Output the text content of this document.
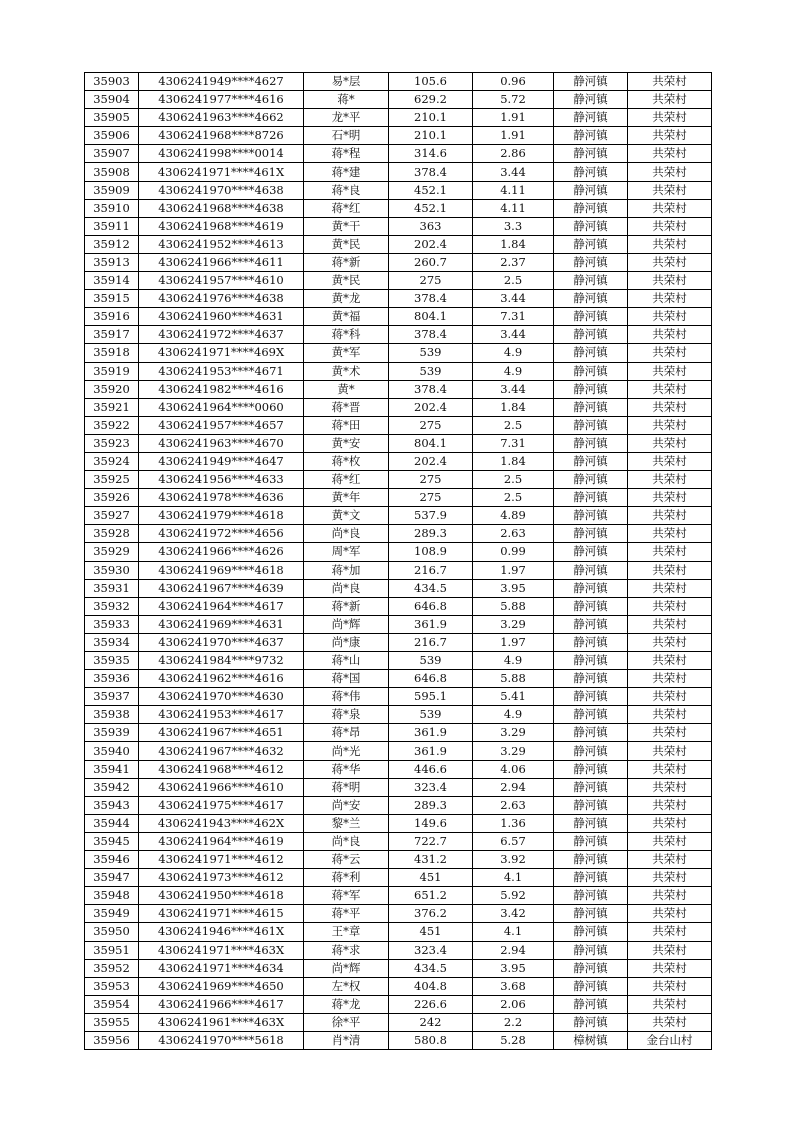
35903	4306241949****4627	易*层	105.6	0.96	静河镇	共荣村
35904	4306241977****4616	蒋*	629.2	5.72	静河镇	共荣村
35905	4306241963****4662	龙*平	210.1	1.91	静河镇	共荣村
35906	4306241968****8726	石*明	210.1	1.91	静河镇	共荣村
35907	4306241998****0014	蒋*程	314.6	2.86	静河镇	共荣村
35908	4306241971****461X	蒋*建	378.4	3.44	静河镇	共荣村
35909	4306241970****4638	蒋*良	452.1	4.11	静河镇	共荣村
35910	4306241968****4638	蒋*红	452.1	4.11	静河镇	共荣村
35911	4306241968****4619	黄*干	363	3.3	静河镇	共荣村
35912	4306241952****4613	黄*民	202.4	1.84	静河镇	共荣村
35913	4306241966****4611	蒋*新	260.7	2.37	静河镇	共荣村
35914	4306241957****4610	黄*民	275	2.5	静河镇	共荣村
35915	4306241976****4638	黄*龙	378.4	3.44	静河镇	共荣村
35916	4306241960****4631	黄*福	804.1	7.31	静河镇	共荣村
35917	4306241972****4637	蒋*科	378.4	3.44	静河镇	共荣村
35918	4306241971****469X	黄*军	539	4.9	静河镇	共荣村
35919	4306241953****4671	黄*术	539	4.9	静河镇	共荣村
35920	4306241982****4616	黄*	378.4	3.44	静河镇	共荣村
35921	4306241964****0060	蒋*晋	202.4	1.84	静河镇	共荣村
35922	4306241957****4657	蒋*田	275	2.5	静河镇	共荣村
35923	4306241963****4670	黄*安	804.1	7.31	静河镇	共荣村
35924	4306241949****4647	蒋*枚	202.4	1.84	静河镇	共荣村
35925	4306241956****4633	蒋*红	275	2.5	静河镇	共荣村
35926	4306241978****4636	黄*年	275	2.5	静河镇	共荣村
35927	4306241979****4618	黄*文	537.9	4.89	静河镇	共荣村
35928	4306241972****4656	尚*良	289.3	2.63	静河镇	共荣村
35929	4306241966****4626	周*军	108.9	0.99	静河镇	共荣村
35930	4306241969****4618	蒋*加	216.7	1.97	静河镇	共荣村
35931	4306241967****4639	尚*良	434.5	3.95	静河镇	共荣村
35932	4306241964****4617	蒋*新	646.8	5.88	静河镇	共荣村
35933	4306241969****4631	尚*辉	361.9	3.29	静河镇	共荣村
35934	4306241970****4637	尚*康	216.7	1.97	静河镇	共荣村
35935	4306241984****9732	蒋*山	539	4.9	静河镇	共荣村
35936	4306241962****4616	蒋*国	646.8	5.88	静河镇	共荣村
35937	4306241970****4630	蒋*伟	595.1	5.41	静河镇	共荣村
35938	4306241953****4617	蒋*泉	539	4.9	静河镇	共荣村
35939	4306241967****4651	蒋*昂	361.9	3.29	静河镇	共荣村
35940	4306241967****4632	尚*光	361.9	3.29	静河镇	共荣村
35941	4306241968****4612	蒋*华	446.6	4.06	静河镇	共荣村
35942	4306241966****4610	蒋*明	323.4	2.94	静河镇	共荣村
35943	4306241975****4617	尚*安	289.3	2.63	静河镇	共荣村
35944	4306241943****462X	黎*兰	149.6	1.36	静河镇	共荣村
35945	4306241964****4619	尚*良	722.7	6.57	静河镇	共荣村
35946	4306241971****4612	蒋*云	431.2	3.92	静河镇	共荣村
35947	4306241973****4612	蒋*利	451	4.1	静河镇	共荣村
35948	4306241950****4618	蒋*军	651.2	5.92	静河镇	共荣村
35949	4306241971****4615	蒋*平	376.2	3.42	静河镇	共荣村
35950	4306241946****461X	王*章	451	4.1	静河镇	共荣村
35951	4306241971****463X	蒋*求	323.4	2.94	静河镇	共荣村
35952	4306241971****4634	尚*辉	434.5	3.95	静河镇	共荣村
35953	4306241969****4650	左*权	404.8	3.68	静河镇	共荣村
35954	4306241966****4617	蒋*龙	226.6	2.06	静河镇	共荣村
35955	4306241961****463X	徐*平	242	2.2	静河镇	共荣村
35956	4306241970****5618	肖*清	580.8	5.28	樟树镇	金台山村
